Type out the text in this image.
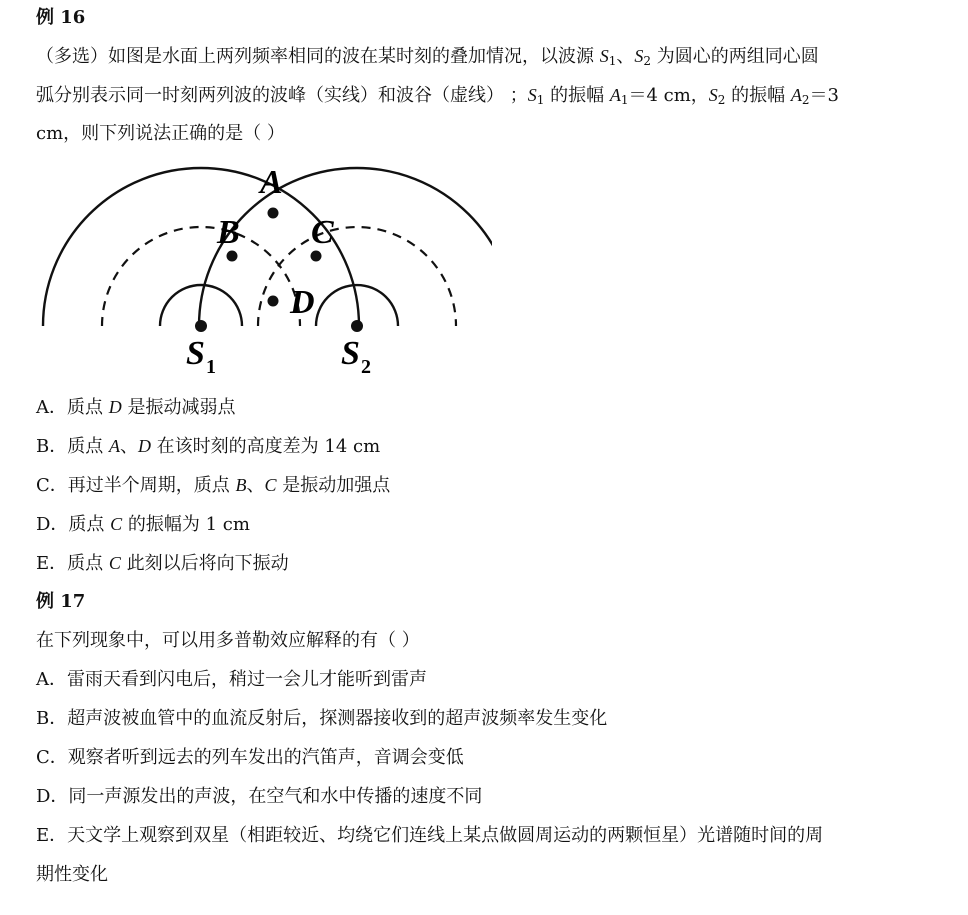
例 16
（多选）如图是水面上两列频率相同的波在某时刻的叠加情况，以波源 $S_1$、$S_2$ 为圆心的两组同心圆
弧分别表示同一时刻两列波的波峰（实线）和波谷（虚线） ；$S_1$ 的振幅 $A_1=4$ cm，$S_2$ 的振幅 $A_2=3$
cm，则下列说法正确的是（ ）
A．质点 D 是振动减弱点
B．质点 A、D 在该时刻的高度差为 14 cm
C．再过半个周期，质点 B、C 是振动加强点
D．质点 C 的振幅为 1 cm
E．质点 C 此刻以后将向下振动
例 17
在下列现象中，可以用多普勒效应解释的有（ ）
A．雷雨天看到闪电后，稍过一会儿才能听到雷声
B．超声波被血管中的血流反射后，探测器接收到的超声波频率发生变化
C．观察者听到远去的列车发出的汽笛声，音调会变低
D．同一声源发出的声波，在空气和水中传播的速度不同
E．天文学上观察到双星（相距较近、均绕它们连线上某点做圆周运动的两颗恒星）光谱随时间的周
期性变化
A
B C
D
S 1	S 2
